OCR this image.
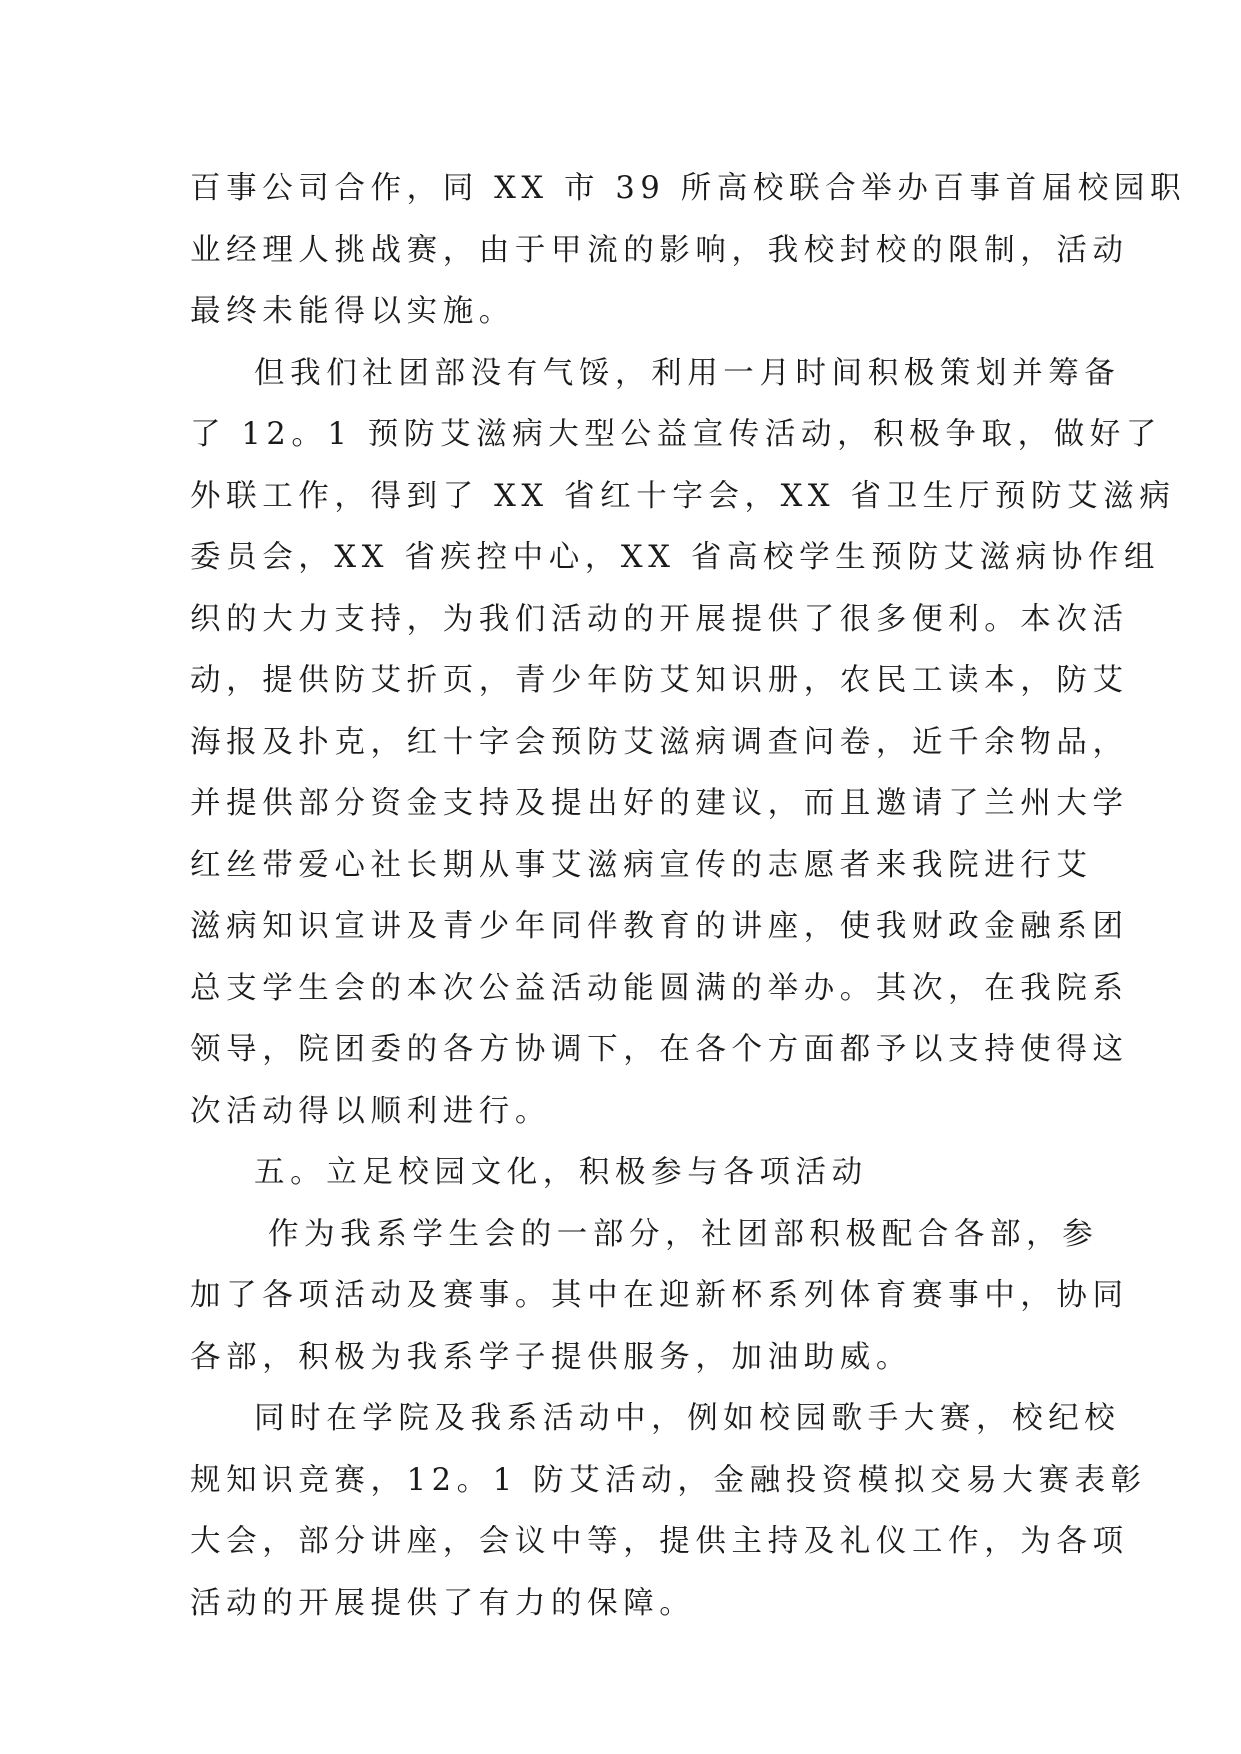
百事公司合作，同 XX 市 39 所高校联合举办百事首届校园职
业经理人挑战赛，由于甲流的影响，我校封校的限制，活动
最终未能得以实施。
但我们社团部没有气馁，利用一月时间积极策划并筹备
了 12。1 预防艾滋病大型公益宣传活动，积极争取，做好了
外联工作，得到了 XX 省红十字会，XX 省卫生厅预防艾滋病
委员会，XX 省疾控中心，XX 省高校学生预防艾滋病协作组
织的大力支持，为我们活动的开展提供了很多便利。本次活
动，提供防艾折页，青少年防艾知识册，农民工读本，防艾
海报及扑克，红十字会预防艾滋病调查问卷，近千余物品，
并提供部分资金支持及提出好的建议，而且邀请了兰州大学
红丝带爱心社长期从事艾滋病宣传的志愿者来我院进行艾
滋病知识宣讲及青少年同伴教育的讲座，使我财政金融系团
总支学生会的本次公益活动能圆满的举办。其次，在我院系
领导，院团委的各方协调下，在各个方面都予以支持使得这
次活动得以顺利进行。
五。立足校园文化，积极参与各项活动
作为我系学生会的一部分，社团部积极配合各部，参
加了各项活动及赛事。其中在迎新杯系列体育赛事中，协同
各部，积极为我系学子提供服务，加油助威。
同时在学院及我系活动中，例如校园歌手大赛，校纪校
规知识竞赛，12。1 防艾活动，金融投资模拟交易大赛表彰
大会，部分讲座，会议中等，提供主持及礼仪工作，为各项
活动的开展提供了有力的保障。
